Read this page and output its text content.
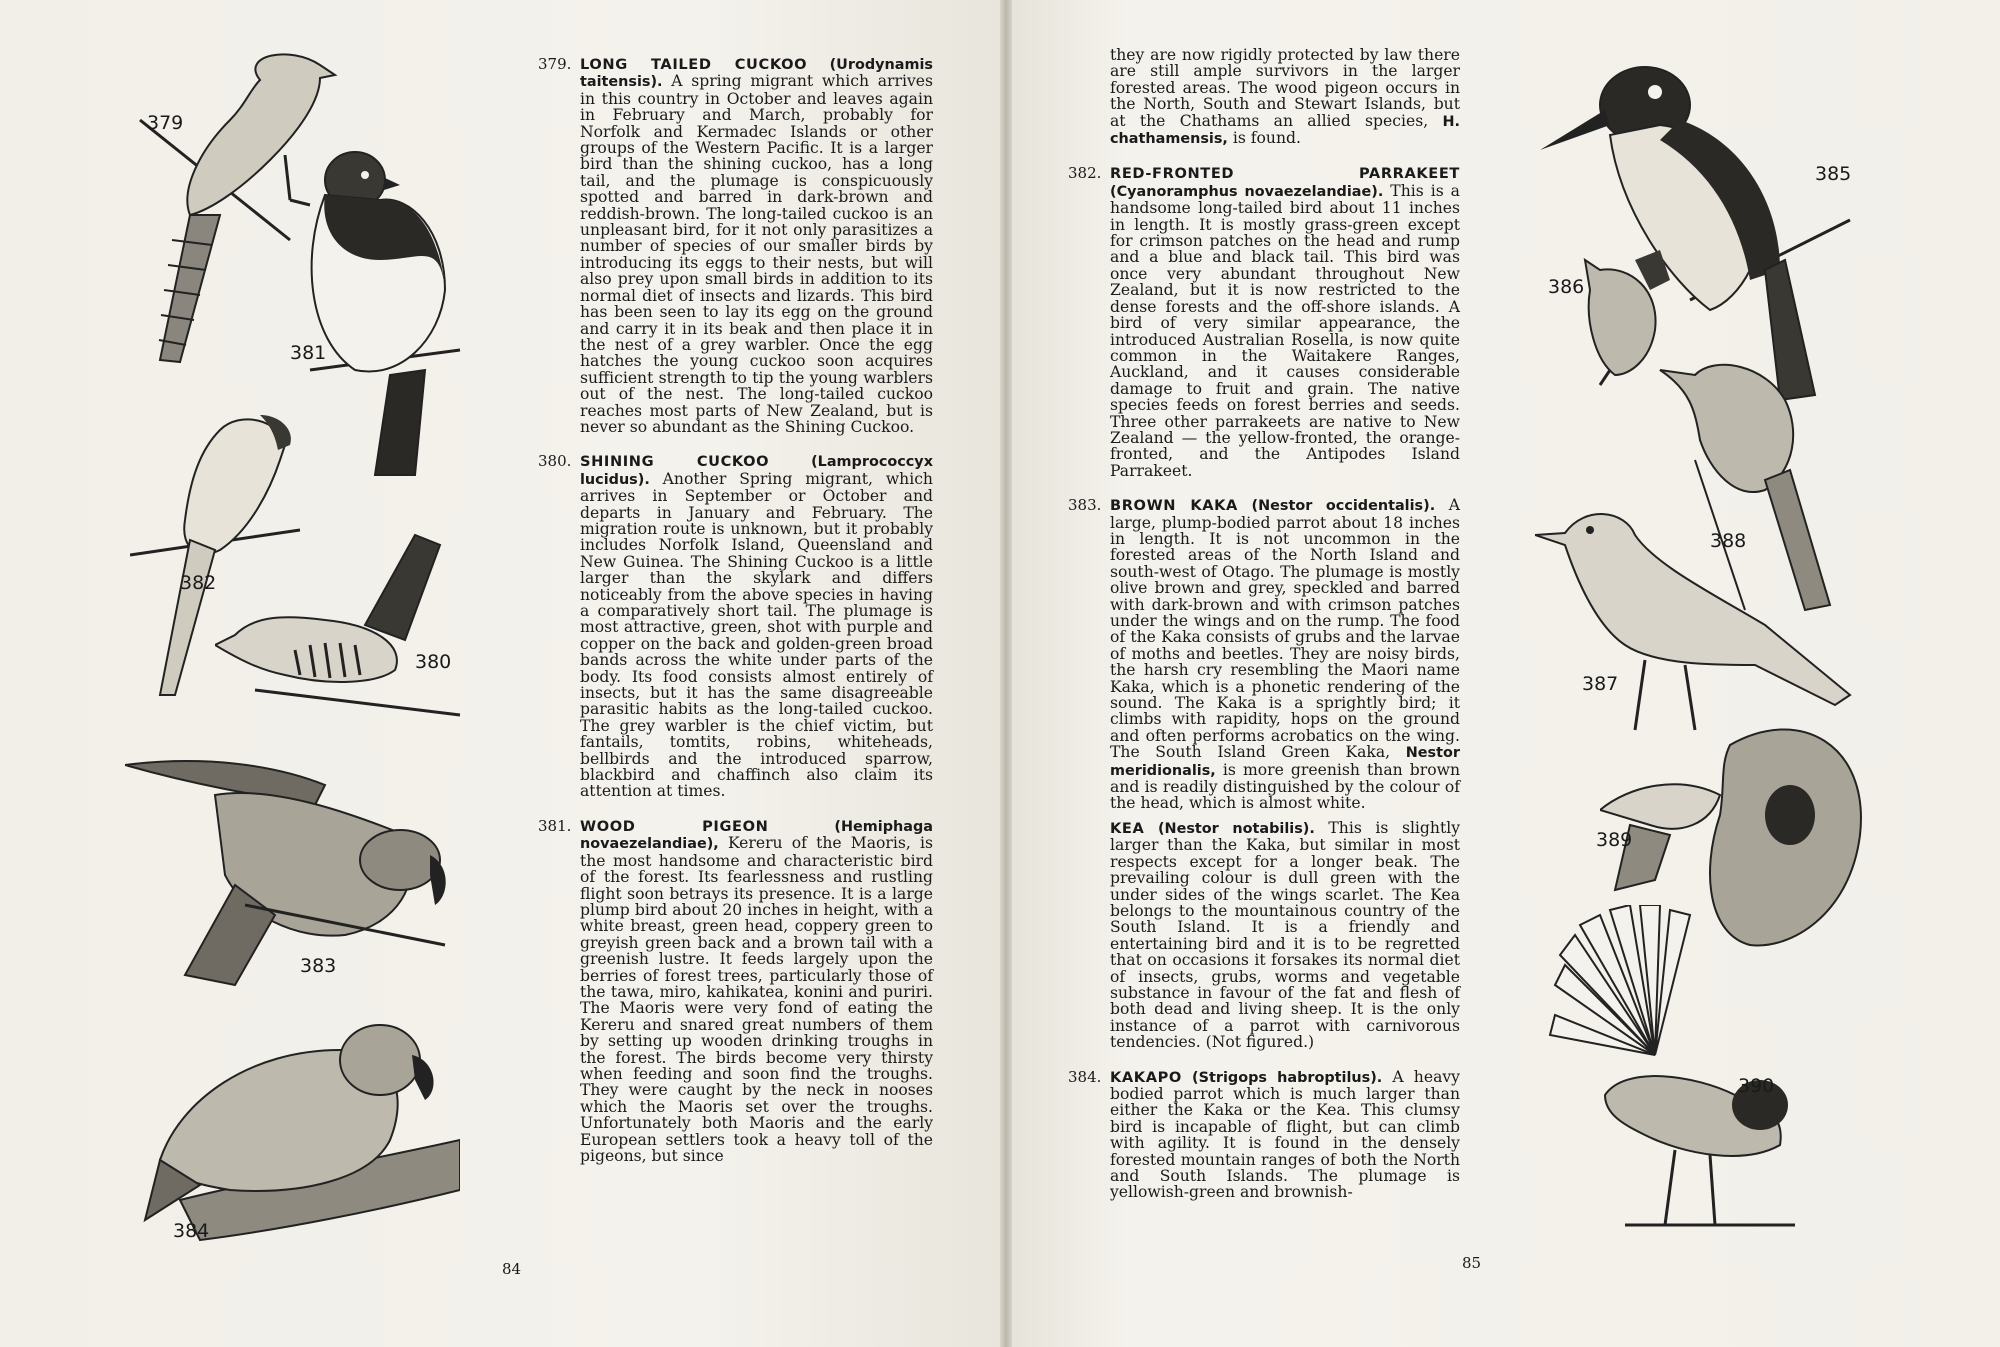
379
381
382
380
383
384
379. LONG TAILED CUCKOO (Urodynamis taitensis). A spring migrant which arrives in this country in October and leaves again in February and March, probably for Norfolk and Kermadec Islands or other groups of the Western Pacific. It is a larger bird than the shining cuckoo, has a long tail, and the plumage is conspicuously spotted and barred in dark-brown and reddish-brown. The long-tailed cuckoo is an unpleasant bird, for it not only parasitizes a number of species of our smaller birds by introducing its eggs to their nests, but will also prey upon small birds in addition to its normal diet of insects and lizards. This bird has been seen to lay its egg on the ground and carry it in its beak and then place it in the nest of a grey warbler. Once the egg hatches the young cuckoo soon acquires sufficient strength to tip the young warblers out of the nest. The long-tailed cuckoo reaches most parts of New Zealand, but is never so abundant as the Shining Cuckoo.
380. SHINING CUCKOO	(Lamprococcyx lucidus). Another Spring migrant, which arrives in September or October and departs in January and February. The migration route is unknown, but it probably includes Norfolk Island, Queensland and New Guinea. The Shining Cuckoo is a little larger than the skylark and differs noticeably from the above species in having a comparatively short tail. The plumage is most attractive, green, shot with purple and copper on the back and golden-green broad bands across the white under parts of the body. Its food consists almost entirely of insects, but it has the same disagreeable parasitic habits as the long-tailed cuckoo. The grey warbler is the chief victim, but fantails, tomtits, robins, whiteheads, bellbirds and the introduced sparrow, blackbird and chaffinch also claim its attention at times.
381. WOOD PIGEON	(Hemiphaga novaezelandiae), Kereru of the Maoris, is the most handsome and characteristic bird of the forest. Its fearlessness and rustling flight soon betrays its presence. It is a large plump bird about 20 inches in height, with a white breast, green head, coppery green to greyish green back and a brown tail with a greenish lustre. It feeds largely upon the berries of forest trees, particularly those of the tawa, miro, kahikatea, konini and puriri. The Maoris were very fond of eating the Kereru and snared great numbers of them by setting up wooden drinking troughs in the forest. The birds become very thirsty when feeding and soon find the troughs. They were caught by the neck in nooses which the Maoris set over the troughs. Unfortunately both Maoris and the early European settlers took a heavy toll of the pigeons, but since
84
they are now rigidly protected by law there are still ample survivors in the larger forested areas. The wood pigeon occurs in the North, South and Stewart Islands, but at the Chathams an allied species, H. chathamensis, is found.
382. RED-FRONTED PARRAKEET (Cyanoramphus novaezelandiae). This is a handsome long-tailed bird about 11 inches in length. It is mostly grass-green except for crimson patches on the head and rump and a blue and black tail. This bird was once very abundant throughout New Zealand, but it is now restricted to the dense forests and the off-shore islands. A bird of very similar appearance, the introduced Australian Rosella, is now quite common in the Waitakere Ranges, Auckland, and it causes considerable damage to fruit and grain. The native species feeds on forest berries and seeds. Three other parrakeets are native to New Zealand — the yellow-fronted, the orange-fronted, and the Antipodes Island Parrakeet.
383. BROWN KAKA (Nestor occidentalis). A large, plump-bodied parrot about 18 inches in length. It is not uncommon in the forested areas of the North Island and south-west of Otago. The plumage is mostly olive brown and grey, speckled and barred with dark-brown and with crimson patches under the wings and on the rump. The food of the Kaka consists of grubs and the larvae of moths and beetles. They are noisy birds, the harsh cry resembling the Maori name Kaka, which is a phonetic rendering of the sound. The Kaka is a sprightly bird; it climbs with rapidity, hops on the ground and often performs acrobatics on the wing. The South Island Green Kaka, Nestor meridionalis, is more greenish than brown and is readily distinguished by the colour of the head, which is almost white.
KEA (Nestor notabilis). This is slightly larger than the Kaka, but similar in most respects except for a longer beak. The prevailing colour is dull green with the under sides of the wings scarlet. The Kea belongs to the mountainous country of the South Island. It is a friendly and entertaining bird and it is to be regretted that on occasions it forsakes its normal diet of insects, grubs, worms and vegetable substance in favour of the fat and flesh of both dead and living sheep. It is the only instance of a parrot with carnivorous tendencies. (Not figured.)
384. KAKAPO (Strigops habroptilus). A heavy bodied parrot which is much larger than either the Kaka or the Kea. This clumsy bird is incapable of flight, but can climb with agility. It is found in the densely forested mountain ranges of both the North and South Islands. The plumage is yellowish-green and brownish-
85
385
386
388
387
389
390
